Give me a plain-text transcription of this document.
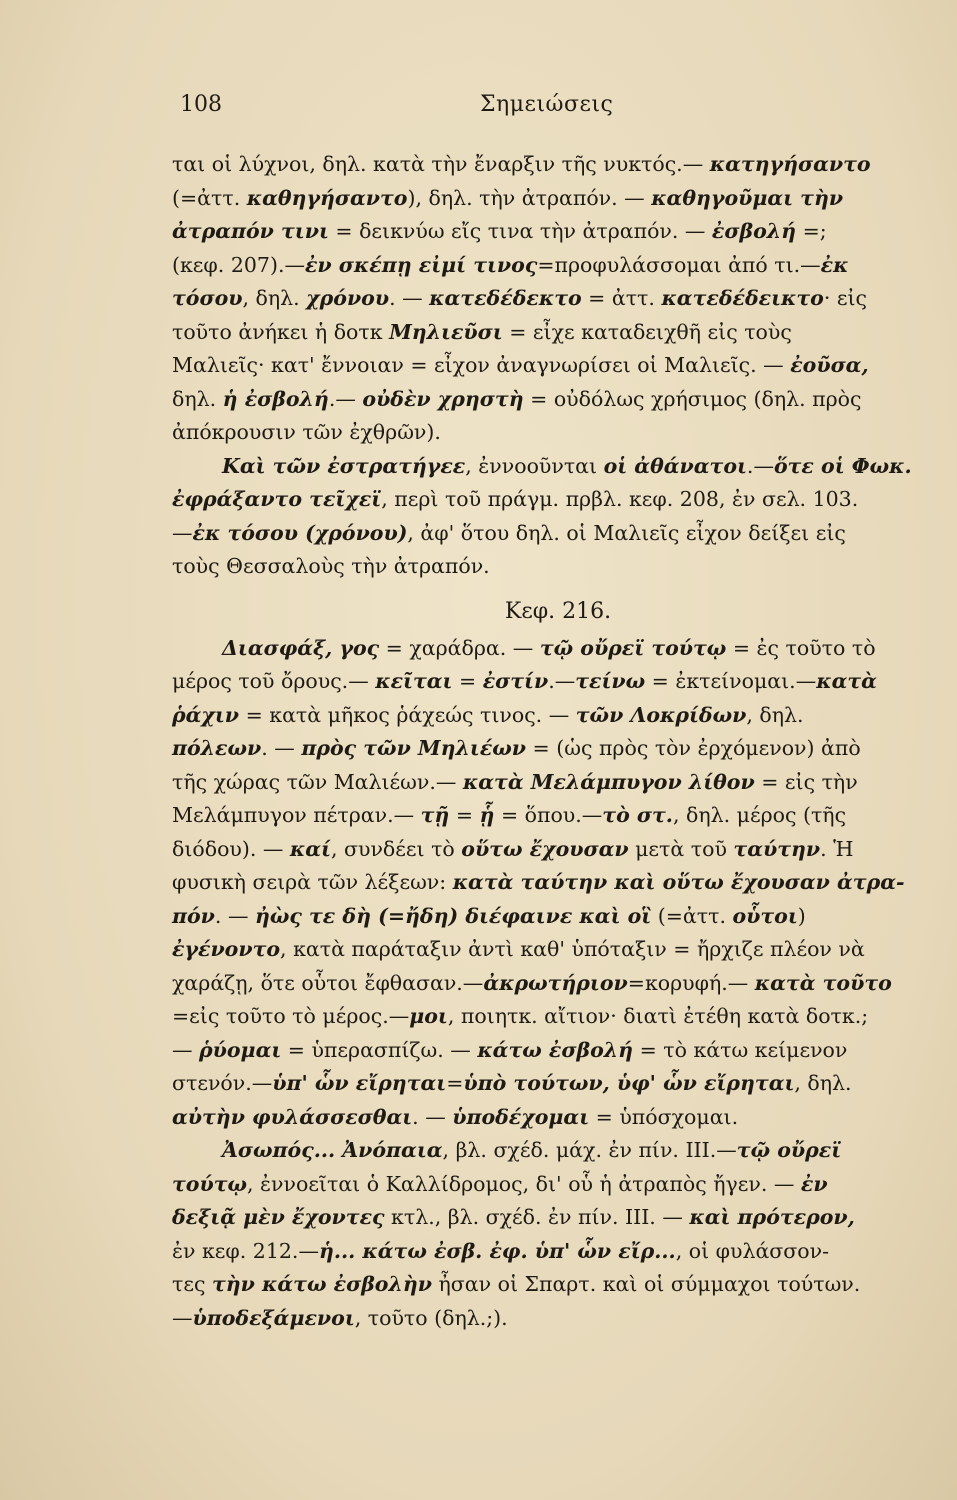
108	Σημειώσεις
ται οἱ λύχνοι, δηλ. κατὰ τὴν ἔναρξιν τῆς νυκτός.— κατηγήσαντο
(=ἀττ. καθηγήσαντο), δηλ. τὴν ἀτραπόν. — καθηγοῦμαι τὴν
ἀτραπόν τινι = δεικνύω εἴς τινα τὴν ἀτραπόν. — ἐσβολή =;
(κεφ. 207).—ἐν σκέπῃ εἰμί τινος=προφυλάσσομαι ἀπό τι.—ἐκ
τόσου, δηλ. χρόνου. — κατεδέδεκτο = ἀττ. κατεδέδεικτο· εἰς
τοῦτο ἀνήκει ἡ δοτκ Μηλιεῦσι = εἶχε καταδειχθῆ εἰς τοὺς
Μαλιεῖς· κατ' ἔννοιαν = εἶχον ἀναγνωρίσει οἱ Μαλιεῖς. — ἐοῦσα,
δηλ. ἡ ἐσβολή.— οὐδὲν χρηστὴ = οὐδόλως χρήσιμος (δηλ. πρὸς
ἀπόκρουσιν τῶν ἐχθρῶν).
Καὶ τῶν ἐστρατήγεε, ἐννοοῦνται οἱ ἀθάνατοι.—ὅτε οἱ Φωκ.
ἐφράξαντο τεῖχεϊ, περὶ τοῦ πράγμ. πρβλ. κεφ. 208, ἐν σελ. 103.
—ἐκ τόσου (χρόνου), ἀφ' ὅτου δηλ. οἱ Μαλιεῖς εἶχον δείξει εἰς
τοὺς Θεσσαλοὺς τὴν ἀτραπόν.
Κεφ. 216.
Διασφάξ, γος = χαράδρα. — τῷ οὔρεϊ τούτῳ = ἐς τοῦτο τὸ
μέρος τοῦ ὄρους.— κεῖται = ἐστίν.—τείνω = ἐκτείνομαι.—κατὰ
ῥάχιν = κατὰ μῆκος ῥάχεώς τινος. — τῶν Λοκρίδων, δηλ.
πόλεων. — πρὸς τῶν Μηλιέων = (ὡς πρὸς τὸν ἐρχόμενον) ἀπὸ
τῆς χώρας τῶν Μαλιέων.— κατὰ Μελάμπυγον λίθον = εἰς τὴν
Μελάμπυγον πέτραν.— τῇ = ᾗ = ὅπου.—τὸ στ., δηλ. μέρος (τῆς
διόδου). — καί, συνδέει τὸ οὕτω ἔχουσαν μετὰ τοῦ ταύτην. Ἡ
φυσικὴ σειρὰ τῶν λέξεων: κατὰ ταύτην καὶ οὕτω ἔχουσαν ἀτρα-
πόν. — ἠὼς τε δὴ (=ἤδη) διέφαινε καὶ οἳ (=ἀττ. οὗτοι)
ἐγένοντο, κατὰ παράταξιν ἀντὶ καθ' ὑπόταξιν = ἤρχιζε πλέον νὰ
χαράζῃ, ὅτε οὗτοι ἔφθασαν.—ἀκρωτήριον=κορυφή.— κατὰ τοῦτο
=εἰς τοῦτο τὸ μέρος.—μοι, ποιητκ. αἴτιον· διατὶ ἐτέθη κατὰ δοτκ.;
— ῥύομαι = ὑπερασπίζω. — κάτω ἐσβολή = τὸ κάτω κείμενον
στενόν.—ὑπ' ὧν εἴρηται=ὑπὸ τούτων, ὑφ' ὧν εἴρηται, δηλ.
αὐτὴν φυλάσσεσθαι. — ὑποδέχομαι = ὑπόσχομαι.
Ἀσωπός... Ἀνόπαια, βλ. σχέδ. μάχ. ἐν πίν. III.—τῷ οὔρεϊ
τούτῳ, ἐννοεῖται ὁ Καλλίδρομος, δι' οὗ ἡ ἀτραπὸς ἤγεν. — ἐν
δεξιᾷ μὲν ἔχοντες κτλ., βλ. σχέδ. ἐν πίν. III. — καὶ πρότερον,
ἐν κεφ. 212.—ἡ... κάτω ἐσβ. ἐφ. ὑπ' ὧν εἴρ..., οἱ φυλάσσον-
τες τὴν κάτω ἐσβολὴν ἦσαν οἱ Σπαρτ. καὶ οἱ σύμμαχοι τούτων.
—ὑποδεξάμενοι, τοῦτο (δηλ.;).
